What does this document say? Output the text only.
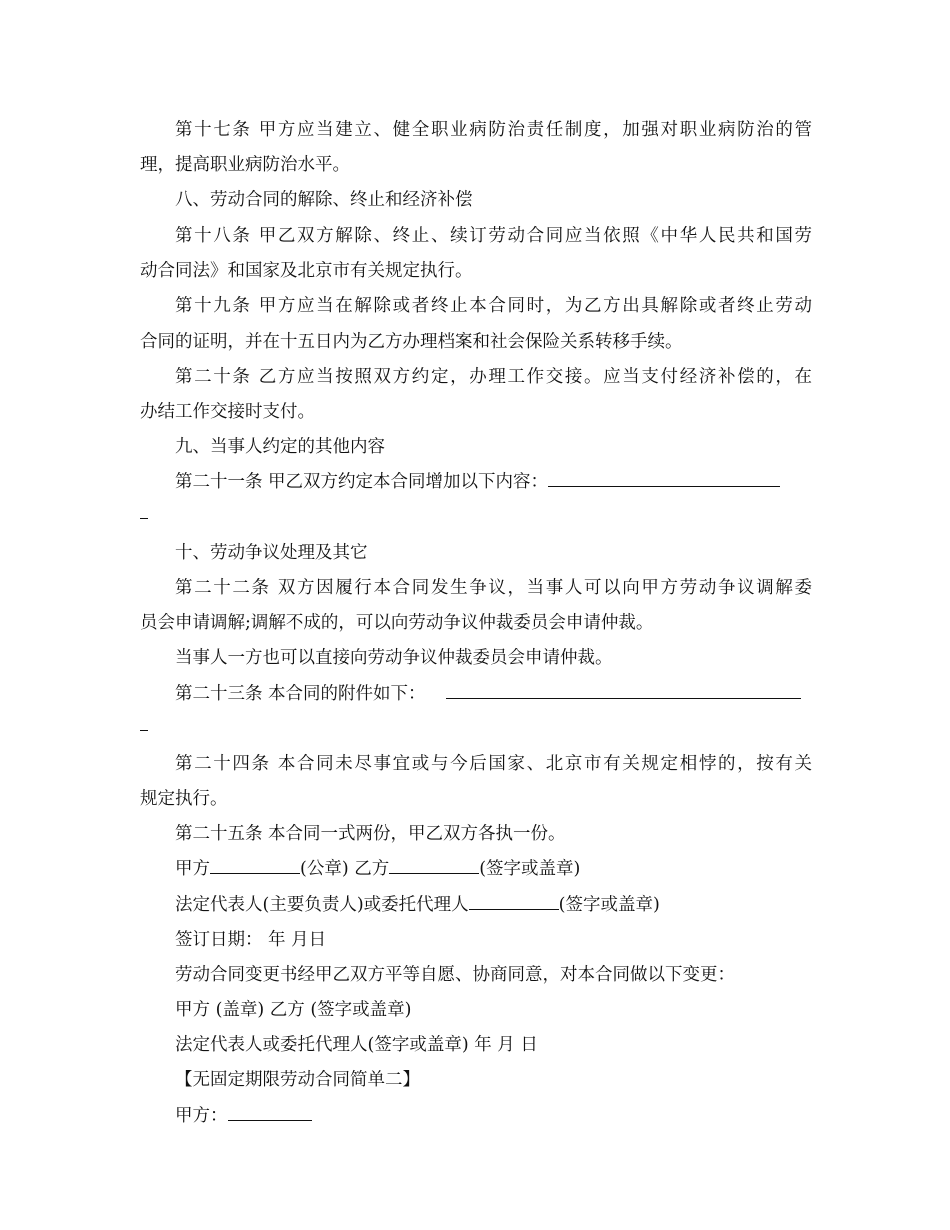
第十七条 甲方应当建立、健全职业病防治责任制度，加强对职业病防治的管
理，提高职业病防治水平。
八、劳动合同的解除、终止和经济补偿
第十八条 甲乙双方解除、终止、续订劳动合同应当依照《中华人民共和国劳
动合同法》和国家及北京市有关规定执行。
第十九条 甲方应当在解除或者终止本合同时，为乙方出具解除或者终止劳动
合同的证明，并在十五日内为乙方办理档案和社会保险关系转移手续。
第二十条 乙方应当按照双方约定，办理工作交接。应当支付经济补偿的，在
办结工作交接时支付。
九、当事人约定的其他内容
第二十一条 甲乙双方约定本合同增加以下内容：
十、劳动争议处理及其它
第二十二条 双方因履行本合同发生争议，当事人可以向甲方劳动争议调解委
员会申请调解;调解不成的，可以向劳动争议仲裁委员会申请仲裁。
当事人一方也可以直接向劳动争议仲裁委员会申请仲裁。
第二十三条 本合同的附件如下：
第二十四条 本合同未尽事宜或与今后国家、北京市有关规定相悖的，按有关
规定执行。
第二十五条 本合同一式两份，甲乙双方各执一份。
甲方	(公章) 乙方	(签字或盖章)
法定代表人(主要负责人)或委托代理人	(签字或盖章)
签订日期： 年 月日
劳动合同变更书经甲乙双方平等自愿、协商同意，对本合同做以下变更：
甲方 (盖章) 乙方 (签字或盖章)
法定代表人或委托代理人(签字或盖章) 年 月 日
【无固定期限劳动合同简单二】
甲方：
